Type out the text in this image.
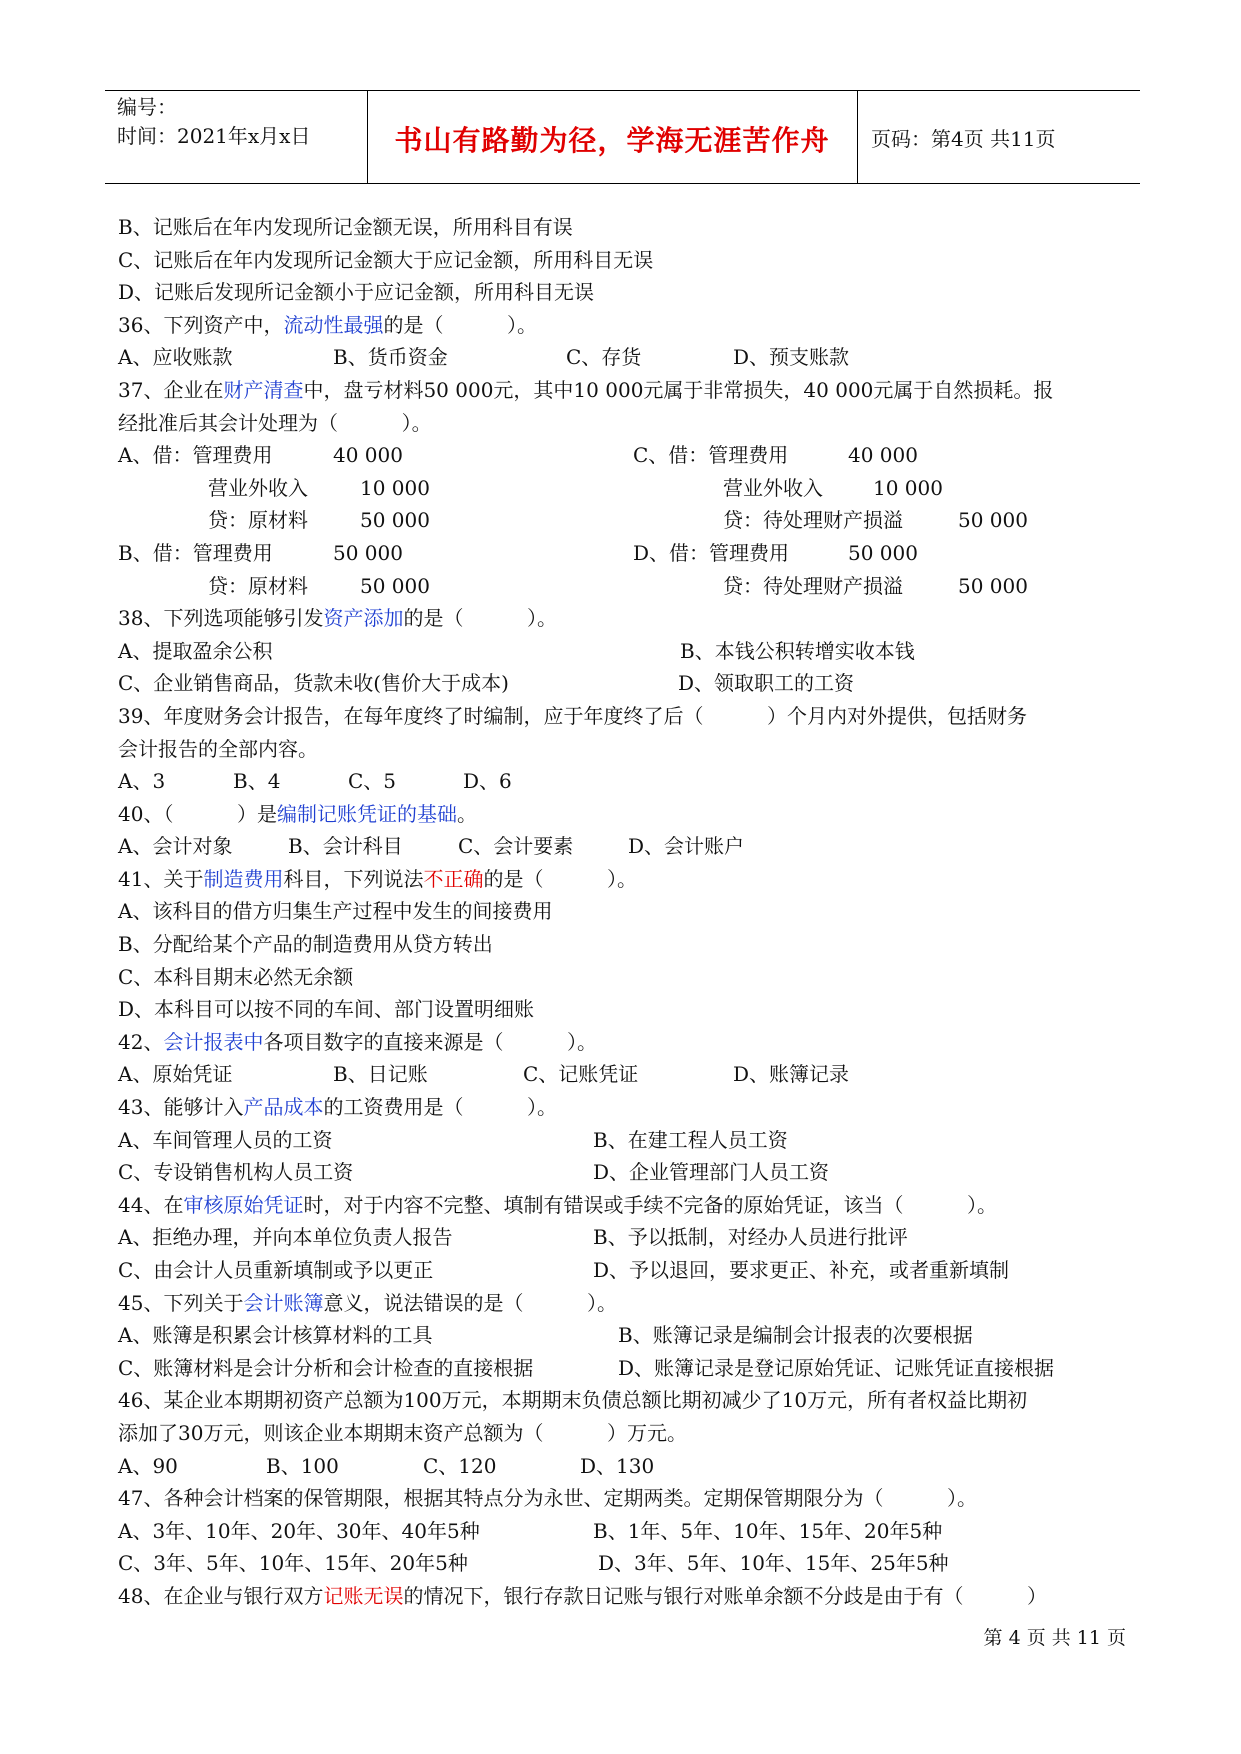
编号：
时间：2021年x月x日	书山有路勤为径，学海无涯苦作舟	页码：第4页 共11页
B、记账后在年内发现所记金额无误，所用科目有误
C、记账后在年内发现所记金额大于应记金额，所用科目无误
D、记账后发现所记金额小于应记金额，所用科目无误
36、下列资产中，流动性最强的是（          ）。
A、应收账款	B、货币资金	C、存货	D、预支账款
37、企业在财产清查中，盘亏材料50 000元，其中10 000元属于非常损失，40 000元属于自然损耗。报
经批准后其会计处理为（          ）。
A、借：管理费用	40 000	C、借：管理费用	40 000
营业外收入	10 000	营业外收入	10 000
贷：原材料	50 000	贷：待处理财产损溢	50 000
B、借：管理费用	50 000	D、借：管理费用	50 000
贷：原材料	50 000	贷：待处理财产损溢	50 000
38、下列选项能够引发资产添加的是（          ）。
A、提取盈余公积	B、本钱公积转增实收本钱
C、企业销售商品，货款未收(售价大于成本)	D、领取职工的工资
39、年度财务会计报告，在每年度终了时编制，应于年度终了后（          ）个月内对外提供，包括财务
会计报告的全部内容。
A、3	B、4	C、5	D、6
40、（          ）是编制记账凭证的基础。
A、会计对象	B、会计科目	C、会计要素	D、会计账户
41、关于制造费用科目，下列说法不正确的是（          ）。
A、该科目的借方归集生产过程中发生的间接费用
B、分配给某个产品的制造费用从贷方转出
C、本科目期末必然无余额
D、本科目可以按不同的车间、部门设置明细账
42、会计报表中各项目数字的直接来源是（          ）。
A、原始凭证	B、日记账	C、记账凭证	D、账簿记录
43、能够计入产品成本的工资费用是（          ）。
A、车间管理人员的工资	B、在建工程人员工资
C、专设销售机构人员工资	D、企业管理部门人员工资
44、在审核原始凭证时，对于内容不完整、填制有错误或手续不完备的原始凭证，该当（          ）。
A、拒绝办理，并向本单位负责人报告	B、予以抵制，对经办人员进行批评
C、由会计人员重新填制或予以更正	D、予以退回，要求更正、补充，或者重新填制
45、下列关于会计账簿意义，说法错误的是（          ）。
A、账簿是积累会计核算材料的工具	B、账簿记录是编制会计报表的次要根据
C、账簿材料是会计分析和会计检查的直接根据	D、账簿记录是登记原始凭证、记账凭证直接根据
46、某企业本期期初资产总额为100万元，本期期末负债总额比期初减少了10万元，所有者权益比期初
添加了30万元，则该企业本期期末资产总额为（          ）万元。
A、90	B、100	C、120	D、130
47、各种会计档案的保管期限，根据其特点分为永世、定期两类。定期保管期限分为（          ）。
A、3年、10年、20年、30年、40年5种	B、1年、5年、10年、15年、20年5种
C、3年、5年、10年、15年、20年5种	D、3年、5年、10年、15年、25年5种
48、在企业与银行双方记账无误的情况下，银行存款日记账与银行对账单余额不分歧是由于有（          ）
第 4 页 共 11 页
